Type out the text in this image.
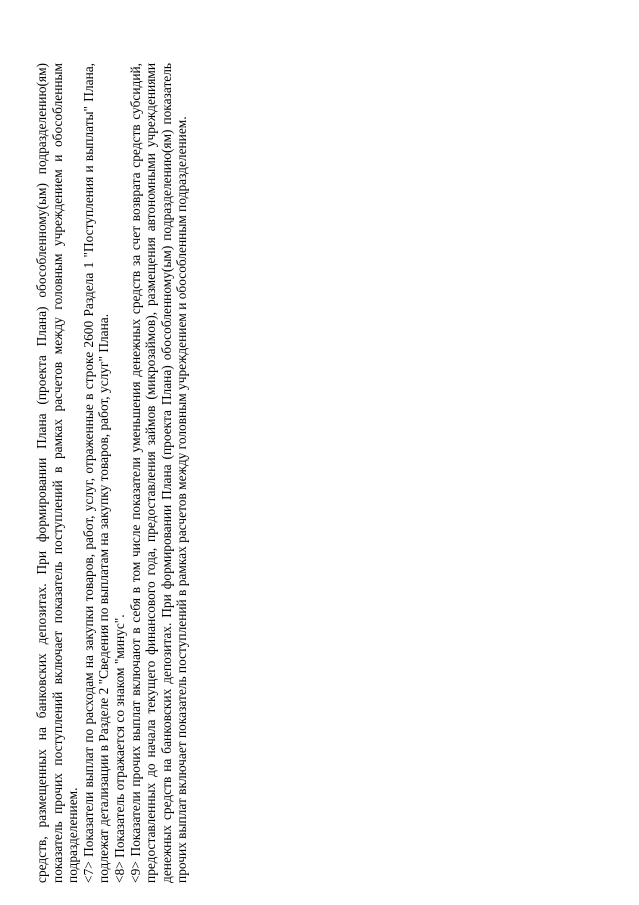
средств, размещенных на банковских депозитах. При формировании Плана (проекта Плана) обособленному(ым) подразделению(ям) показатель прочих поступлений включает показатель поступлений в рамках расчетов между головным учреждением и обособленным подразделением. <7> Показатели выплат по расходам на закупки товаров, работ, услуг, отраженные в строке 2600 Раздела 1 "Поступления и выплаты" Плана, подлежат детализации в Разделе 2 "Сведения по выплатам на закупку товаров, работ, услуг" Плана. <8> Показатель отражается со знаком "минус". <9> Показатели прочих выплат включают в себя в том числе показатели уменьшения денежных средств за счет возврата средств субсидий, предоставленных до начала текущего финансового года, предоставления займов (микрозаймов), размещения автономными учреждениями денежных средств на банковских депозитах. При формировании Плана (проекта Плана) обособленному(ым) подразделению(ям) показатель прочих выплат включает показатель поступлений в рамках расчетов между головным учреждением и обособленным подразделением.
